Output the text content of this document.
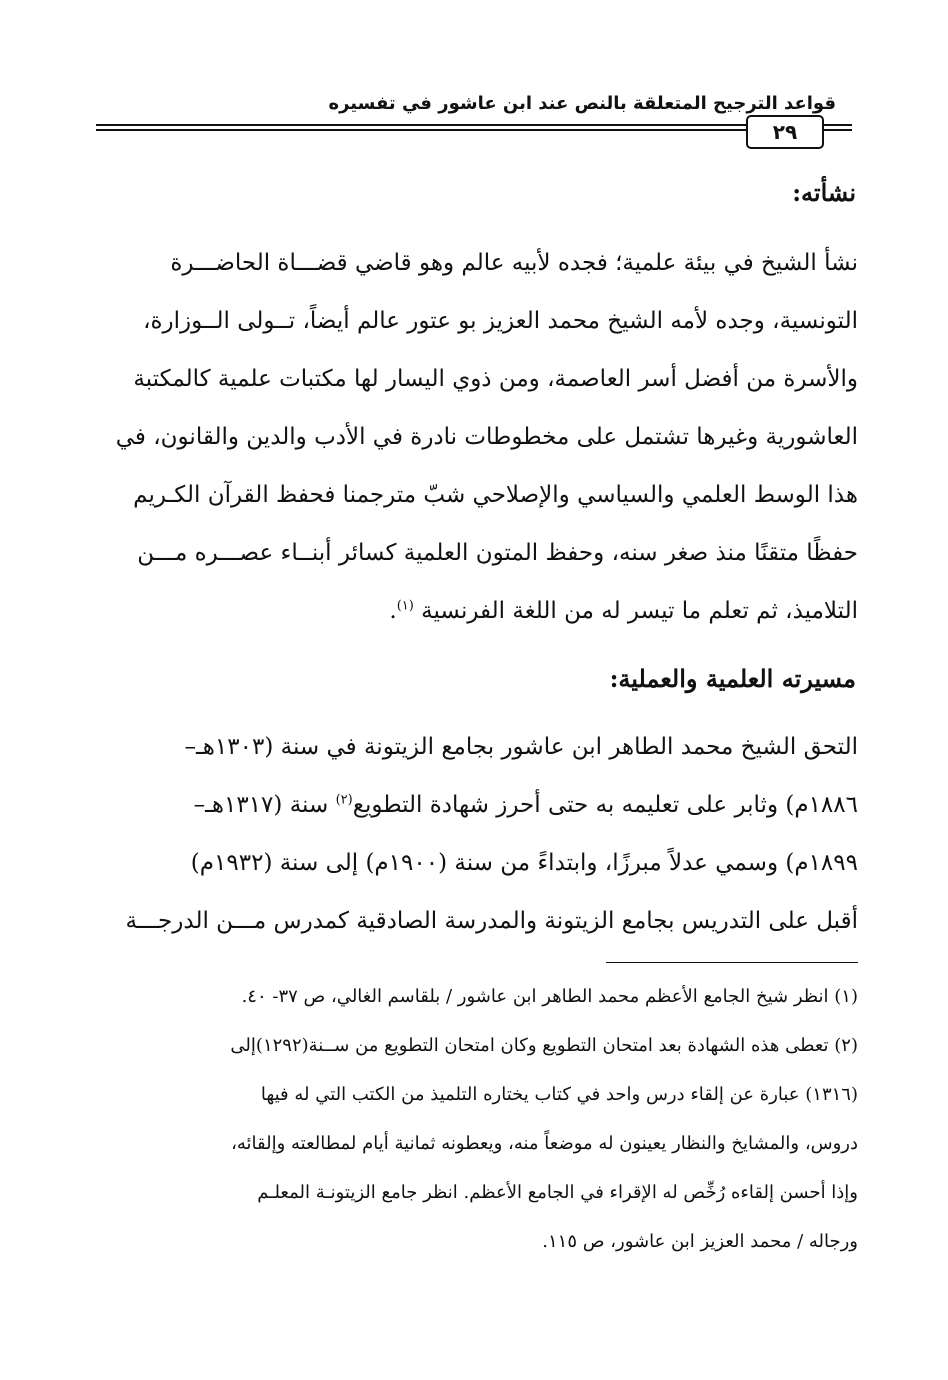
قواعد الترجيح المتعلقة بالنص عند ابن عاشور في تفسيره
٢٩
نشأته:
نشأ الشيخ في بيئة علمية؛ فجده لأبيه عالم وهو قاضي قضـــاة الحاضـــرة
التونسية، وجده لأمه الشيخ محمد العزيز بو عتور عالم أيضاً، تــولى الــوزارة،
والأسرة من أفضل أسر العاصمة، ومن ذوي اليسار لها مكتبات علمية كالمكتبة
العاشورية وغيرها تشتمل على مخطوطات نادرة في الأدب والدين والقانون، في
هذا الوسط العلمي والسياسي والإصلاحي شبّ مترجمنا فحفظ القرآن الكـريم
حفظًا متقنًا منذ صغر سنه، وحفظ المتون العلمية كسائر أبنــاء عصـــره مـــن
التلاميذ، ثم تعلم ما تيسر له من اللغة الفرنسية $^{(١)}$.
مسيرته العلمية والعملية:
التحق الشيخ محمد الطاهر ابن عاشور بجامع الزيتونة في سنة (١٣٠٣هـ–
١٨٨٦م) وثابر على تعليمه به حتى أحرز شهادة التطويع$^{(٢)}$ سنة (١٣١٧هـ–
١٨٩٩م) وسمي عدلاً مبرزًا، وابتداءً من سنة (١٩٠٠م) إلى سنة (١٩٣٢م)
أقبل على التدريس بجامع الزيتونة والمدرسة الصادقية كمدرس مـــن الدرجـــة
(١) انظر شيخ الجامع الأعظم محمد الطاهر ابن عاشور / بلقاسم الغالي، ص ٣٧- ٤٠.
(٢) تعطى هذه الشهادة بعد امتحان التطويع وكان امتحان التطويع من ســنة(١٢٩٢)إلى
(١٣١٦) عبارة عن إلقاء درس واحد في كتاب يختاره التلميذ من الكتب التي له فيها
دروس، والمشايخ والنظار يعينون له موضعاً منه، ويعطونه ثمانية أيام لمطالعته وإلقائه،
وإذا أحسن إلقاءه رُخِّص له الإقراء في الجامع الأعظم. انظر جامع الزيتونـة المعلـم
ورجاله / محمد العزيز ابن عاشور، ص ١١٥.
